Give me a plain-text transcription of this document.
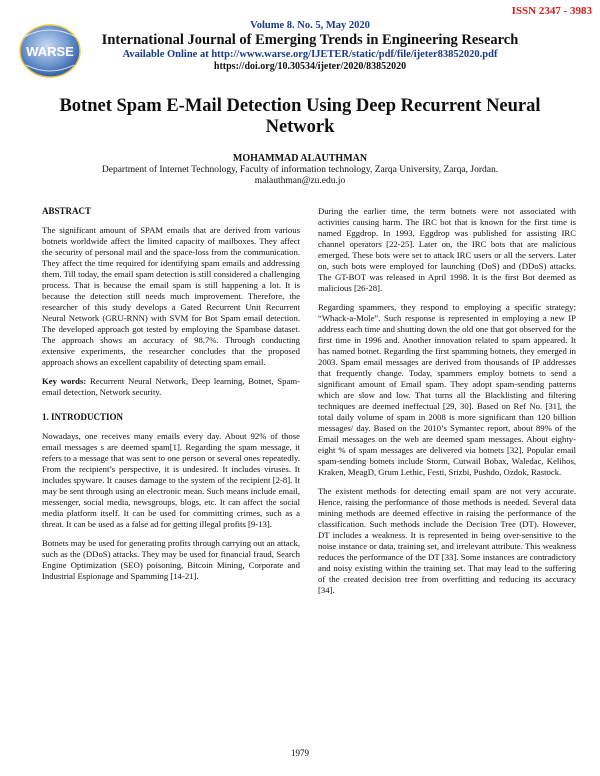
ISSN 2347 - 3983
WARSE
Volume 8. No. 5, May 2020
International Journal of Emerging Trends in Engineering Research
Available Online at http://www.warse.org/IJETER/static/pdf/file/ijeter83852020.pdf
https://doi.org/10.30534/ijeter/2020/83852020
Botnet Spam E-Mail Detection Using Deep Recurrent Neural Network
MOHAMMAD ALAUTHMAN
Department of Internet Technology, Faculty of information technology, Zarqa University, Zarqa, Jordan.
malauthman@zu.edu.jo

ABSTRACT

The significant amount of SPAM emails that are derived from various botnets worldwide affect the limited capacity of mailboxes. They affect the security of personal mail and the space-loss from the communication. They affect the time required for identifying spam emails and addressing them. Till today, the email spam detection is still considered a challenging process. That is because the email spam is still happening a lot. It is because the detection still needs much improvement. Therefore, the researcher of this study develops a Gated Recurrent Unit Recurrent Neural Network (GRU-RNN) with SVM for Bot Spam email detection. The developed approach got tested by employing the Spambase dataset. The approach shows an accuracy of 98.7%. Through conducting extensive experiments, the researcher concludes that the proposed approach shows an excellent capability of detecting spam email.

Key words: Recurrent Neural Network, Deep learning, Botnet, Spam-email detection, Network security.

1. INTRODUCTION

Nowadays, one receives many emails every day. About 92% of those email messages s are deemed spam[1]. Regarding the spam message, it refers to a message that was sent to one person or several ones repeatedly. From the recipient’s perspective, it is undesired. It includes viruses. It includes spyware. It causes damage to the system of the recipient [2-8]. It may be sent through using an electronic mean. Such means include email, messenger, social media, newsgroups, blogs, etc. It can affect the social media platform itself. It can be used for committing crimes, such as a threat. It can be used as a false ad for getting illegal profits [9-13].

Botnets may be used for generating profits through carrying out an attack, such as the (DDoS) attacks. They may be used for financial fraud, Search Engine Optimization (SEO) poisoning, Bitcoin Mining, Corporate and Industrial Espionage and Spamming [14-21].

During the earlier time, the term botnets were not associated with activities causing harm. The IRC bot that is known for the first time is named Eggdrop. In 1993, Eggdrop was published for assisting IRC channel operators [22-25]. Later on, the IRC bots that are malicious emerged. These bots were set to attack IRC users or all the servers. Later on, such bots were employed for launching (DoS) and (DDoS) attacks. The GT-BOT was released in April 1998. It is the first Bot deemed as malicious [26-28].

Regarding spammers, they respond to employing a specific strategy; “Whack-a-Mole”. Such response is represented in employing a new IP address each time and shutting down the old one that got observed for the first time in 1996 and. Another innovation related to spam appeared. It has named botnet. Regarding the first spamming botnets, they emerged in 2003. Spam email messages are derived from thousands of IP addresses that frequently change. Today, spammers employ botnets to send a significant amount of Email spam. They adopt spam-sending patterns which are slow and low. That turns all the Blacklisting and filtering techniques are deemed ineffectual [29, 30]. Based on Ref No. [31], the total daily volume of spam in 2008 is more significant than 120 billion messages/ day. Based on the 2010’s Symantec report, about 89% of the Email messages on the web are deemed spam messages. About eighty-eight % of spam messages are delivered via botnets [32]. Popular email spam-sending botnets include Storm, Cutwail Bobax, Waledac, Kelihos, Kraken, MeagD, Grum Lethic, Festi, Srizbi, Pushdo, Ozdok, Rastock.

The existent methods for detecting email spam are not very accurate. Hence, raising the performance of those methods is needed. Several data mining methods are deemed effective in raising the performance of the classification. Such methods include the Decision Tree (DT). However, DT includes a weakness. It is represented in being over-sensitive to the noise instance or data, training set, and irrelevant attribute. This weakness reduces the performance of the DT [33]. Some instances are contradictory and noisy existing within the training set. That may lead to the suffering of the created decision tree from overfitting and reducing its accuracy [34].

1979
